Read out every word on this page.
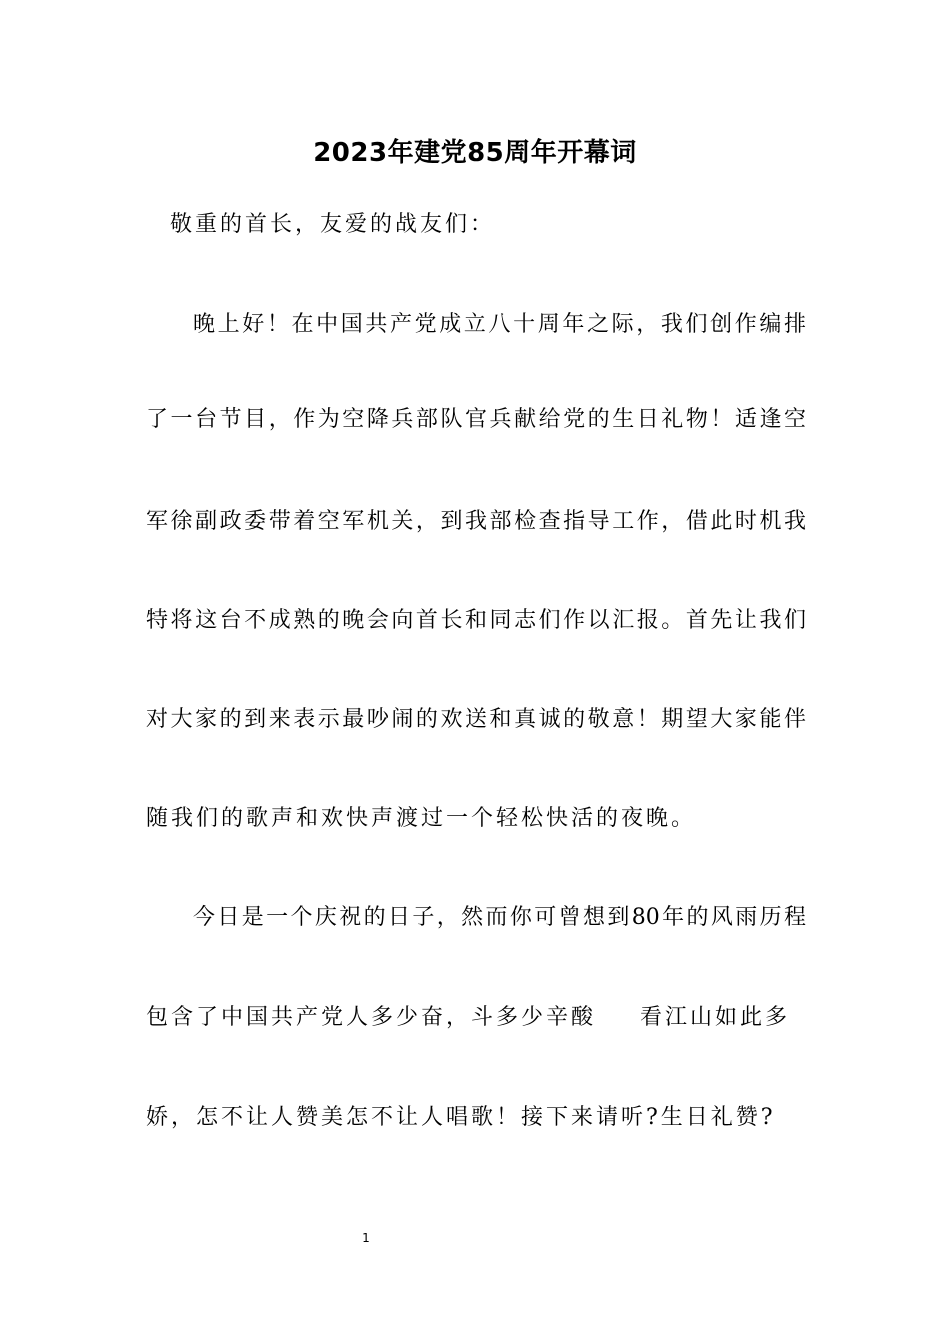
2023年建党85周年开幕词

敬重的首长，友爱的战友们：

晚上好！在中国共产党成立八十周年之际，我们创作编排

了一台节目，作为空降兵部队官兵献给党的生日礼物！适逢空

军徐副政委带着空军机关，到我部检查指导工作，借此时机我

特将这台不成熟的晚会向首长和同志们作以汇报。首先让我们

对大家的到来表示最吵闹的欢送和真诚的敬意！期望大家能伴

随我们的歌声和欢快声渡过一个轻松快活的夜晚。

今日是一个庆祝的日子，然而你可曾想到80年的风雨历程

包含了中国共产党人多少奋，斗多少辛酸 看江山如此多

娇，怎不让人赞美怎不让人唱歌！接下来请听?生日礼赞?

1
